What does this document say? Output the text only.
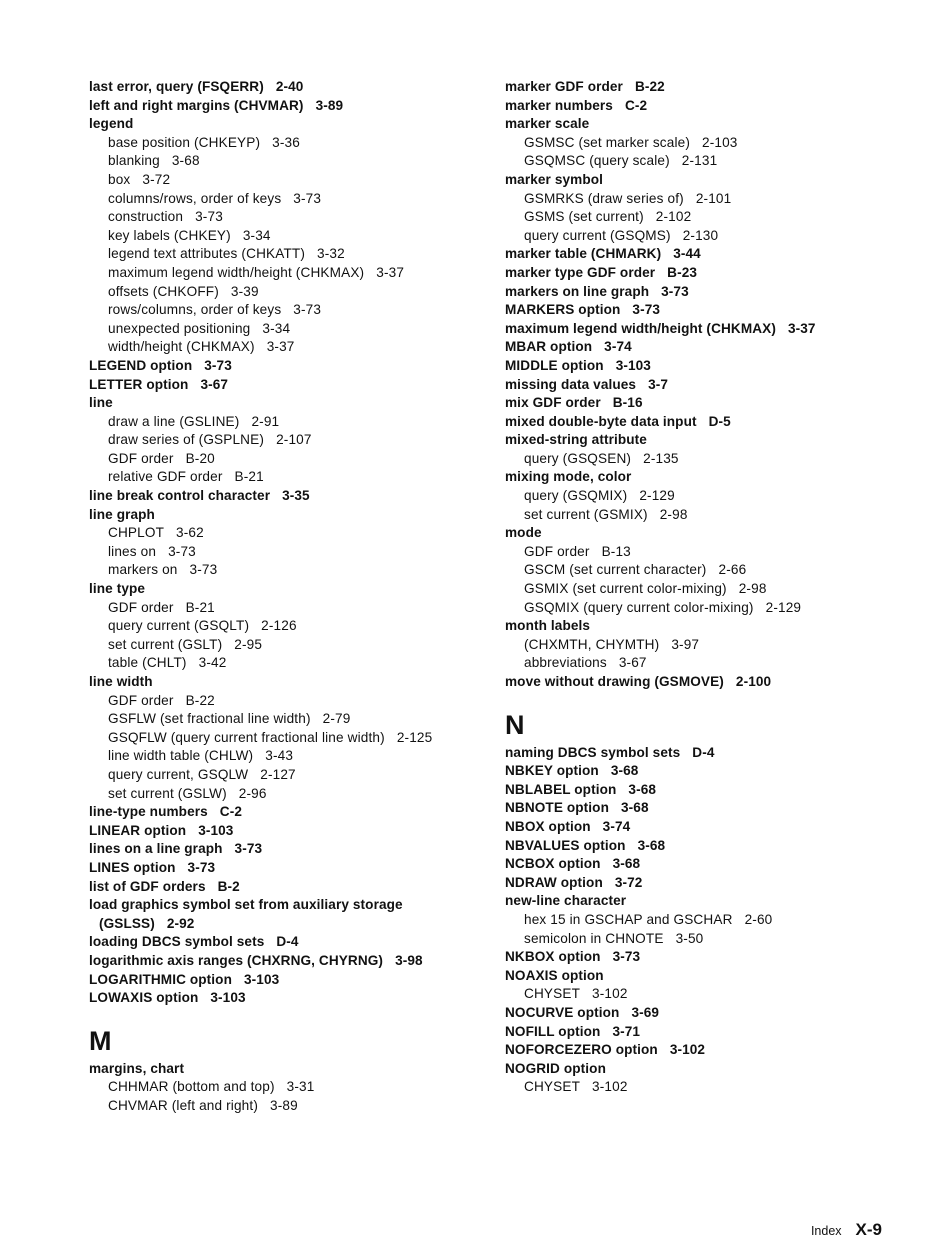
last error, query (FSQERR) 2-40
left and right margins (CHVMAR) 3-89
legend
base position (CHKEYP) 3-36
blanking 3-68
box 3-72
columns/rows, order of keys 3-73
construction 3-73
key labels (CHKEY) 3-34
legend text attributes (CHKATT) 3-32
maximum legend width/height (CHKMAX) 3-37
offsets (CHKOFF) 3-39
rows/columns, order of keys 3-73
unexpected positioning 3-34
width/height (CHKMAX) 3-37
LEGEND option 3-73
LETTER option 3-67
line
draw a line (GSLINE) 2-91
draw series of (GSPLNE) 2-107
GDF order B-20
relative GDF order B-21
line break control character 3-35
line graph
CHPLOT 3-62
lines on 3-73
markers on 3-73
line type
GDF order B-21
query current (GSQLT) 2-126
set current (GSLT) 2-95
table (CHLT) 3-42
line width
GDF order B-22
GSFLW (set fractional line width) 2-79
GSQFLW (query current fractional line width) 2-125
line width table (CHLW) 3-43
query current, GSQLW 2-127
set current (GSLW) 2-96
line-type numbers C-2
LINEAR option 3-103
lines on a line graph 3-73
LINES option 3-73
list of GDF orders B-2
load graphics symbol set from auxiliary storage
(GSLSS) 2-92
loading DBCS symbol sets D-4
logarithmic axis ranges (CHXRNG, CHYRNG) 3-98
LOGARITHMIC option 3-103
LOWAXIS option 3-103
M
margins, chart
CHHMAR (bottom and top) 3-31
CHVMAR (left and right) 3-89
marker GDF order B-22
marker numbers C-2
marker scale
GSMSC (set marker scale) 2-103
GSQMSC (query scale) 2-131
marker symbol
GSMRKS (draw series of) 2-101
GSMS (set current) 2-102
query current (GSQMS) 2-130
marker table (CHMARK) 3-44
marker type GDF order B-23
markers on line graph 3-73
MARKERS option 3-73
maximum legend width/height (CHKMAX) 3-37
MBAR option 3-74
MIDDLE option 3-103
missing data values 3-7
mix GDF order B-16
mixed double-byte data input D-5
mixed-string attribute
query (GSQSEN) 2-135
mixing mode, color
query (GSQMIX) 2-129
set current (GSMIX) 2-98
mode
GDF order B-13
GSCM (set current character) 2-66
GSMIX (set current color-mixing) 2-98
GSQMIX (query current color-mixing) 2-129
month labels
(CHXMTH, CHYMTH) 3-97
abbreviations 3-67
move without drawing (GSMOVE) 2-100
N
naming DBCS symbol sets D-4
NBKEY option 3-68
NBLABEL option 3-68
NBNOTE option 3-68
NBOX option 3-74
NBVALUES option 3-68
NCBOX option 3-68
NDRAW option 3-72
new-line character
hex 15 in GSCHAP and GSCHAR 2-60
semicolon in CHNOTE 3-50
NKBOX option 3-73
NOAXIS option
CHYSET 3-102
NOCURVE option 3-69
NOFILL option 3-71
NOFORCEZERO option 3-102
NOGRID option
CHYSET 3-102
Index X-9
